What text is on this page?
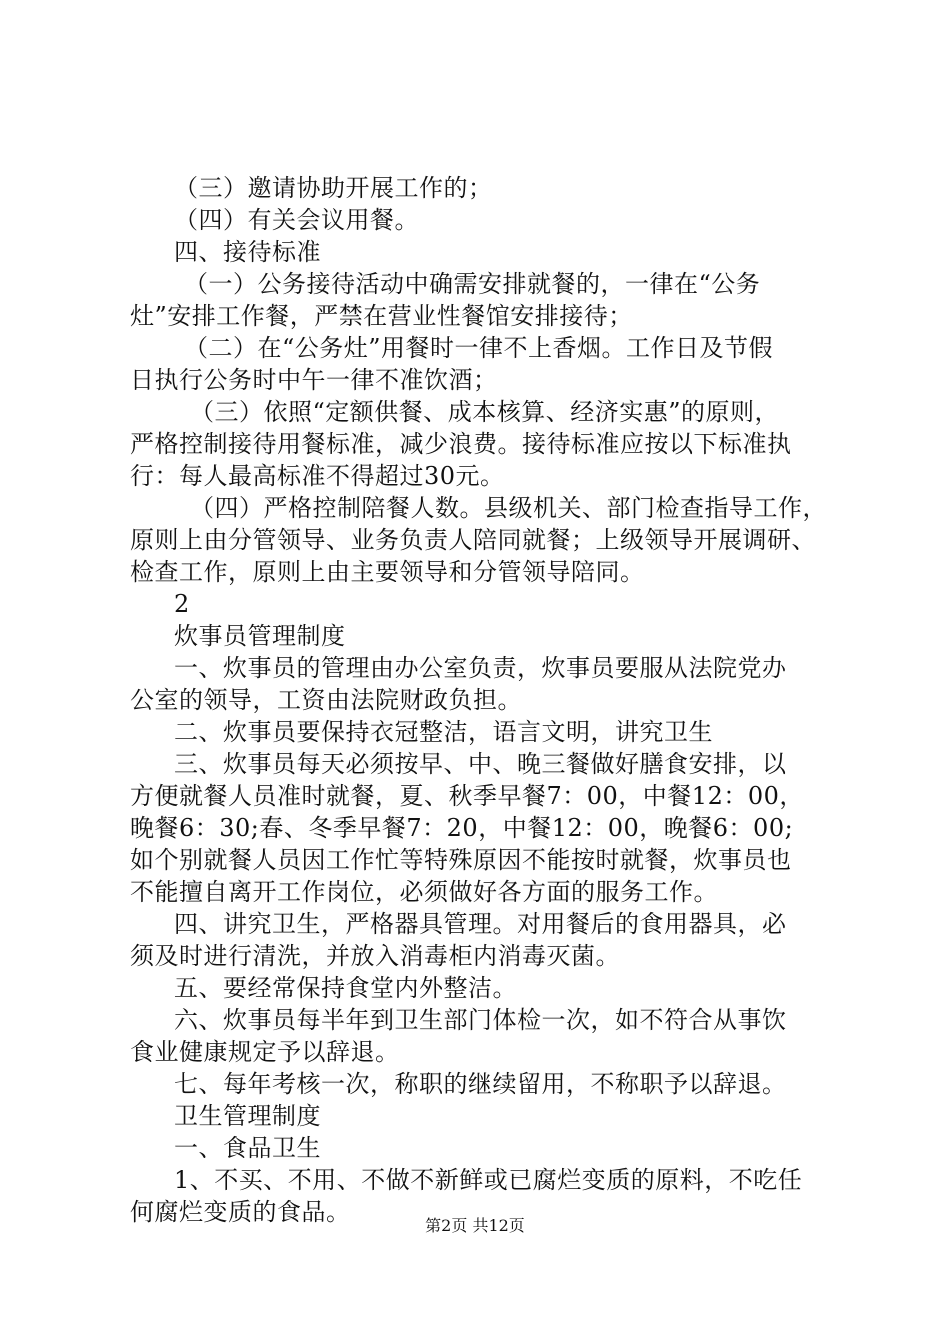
（三）邀请协助开展工作的；
（四）有关会议用餐。
四、接待标准
（一）公务接待活动中确需安排就餐的，一律在“公务
灶”安排工作餐，严禁在营业性餐馆安排接待；
（二）在“公务灶”用餐时一律不上香烟。工作日及节假
日执行公务时中午一律不准饮酒；
（三）依照“定额供餐、成本核算、经济实惠”的原则，
严格控制接待用餐标准，减少浪费。接待标准应按以下标准执
行：每人最高标准不得超过30元。
（四）严格控制陪餐人数。县级机关、部门检查指导工作，
原则上由分管领导、业务负责人陪同就餐；上级领导开展调研、
检查工作，原则上由主要领导和分管领导陪同。
2
炊事员管理制度
一、炊事员的管理由办公室负责，炊事员要服从法院党办
公室的领导，工资由法院财政负担。
二、炊事员要保持衣冠整洁，语言文明，讲究卫生
三、炊事员每天必须按早、中、晚三餐做好膳食安排，以
方便就餐人员准时就餐，夏、秋季早餐7：00，中餐12：00，
晚餐6：30;春、冬季早餐7：20，中餐12：00，晚餐6：00;
如个别就餐人员因工作忙等特殊原因不能按时就餐，炊事员也
不能擅自离开工作岗位，必须做好各方面的服务工作。
四、讲究卫生，严格器具管理。对用餐后的食用器具，必
须及时进行清洗，并放入消毒柜内消毒灭菌。
五、要经常保持食堂内外整洁。
六、炊事员每半年到卫生部门体检一次，如不符合从事饮
食业健康规定予以辞退。
七、每年考核一次，称职的继续留用，不称职予以辞退。
卫生管理制度
一、食品卫生
1、不买、不用、不做不新鲜或已腐烂变质的原料，不吃任
何腐烂变质的食品。	第2页 共12页
